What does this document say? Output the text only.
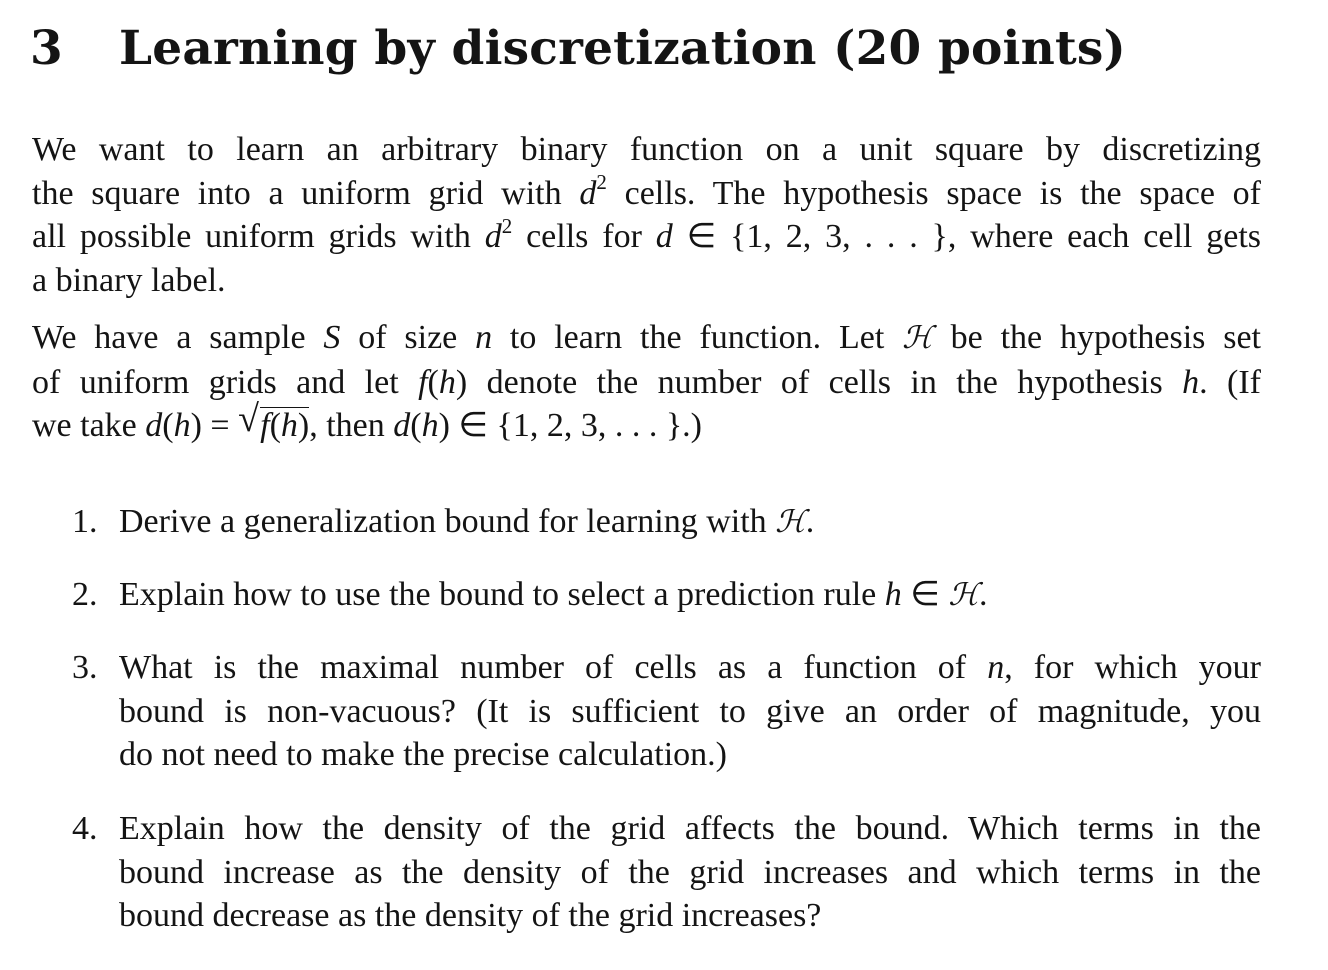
3 Learning by discretization (20 points)
We want to learn an arbitrary binary function on a unit square by discretizing
the square into a uniform grid with $d^2$ cells. The hypothesis space is the space of
all possible uniform grids with $d^2$ cells for d ∈ {1, 2, 3, . . . }, where each cell gets
a binary label.
We have a sample S of size n to learn the function. Let ℋ be the hypothesis set
of uniform grids and let f(h) denote the number of cells in the hypothesis h. (If
we take d(h) = √ f(h), then d(h) ∈ {1, 2, 3, . . . }.)
1. Derive a generalization bound for learning with ℋ.
2. Explain how to use the bound to select a prediction rule h ∈ ℋ.
3. What is the maximal number of cells as a function of n, for which your
bound is non-vacuous? (It is sufficient to give an order of magnitude, you
do not need to make the precise calculation.)
4. Explain how the density of the grid affects the bound. Which terms in the
bound increase as the density of the grid increases and which terms in the
bound decrease as the density of the grid increases?
